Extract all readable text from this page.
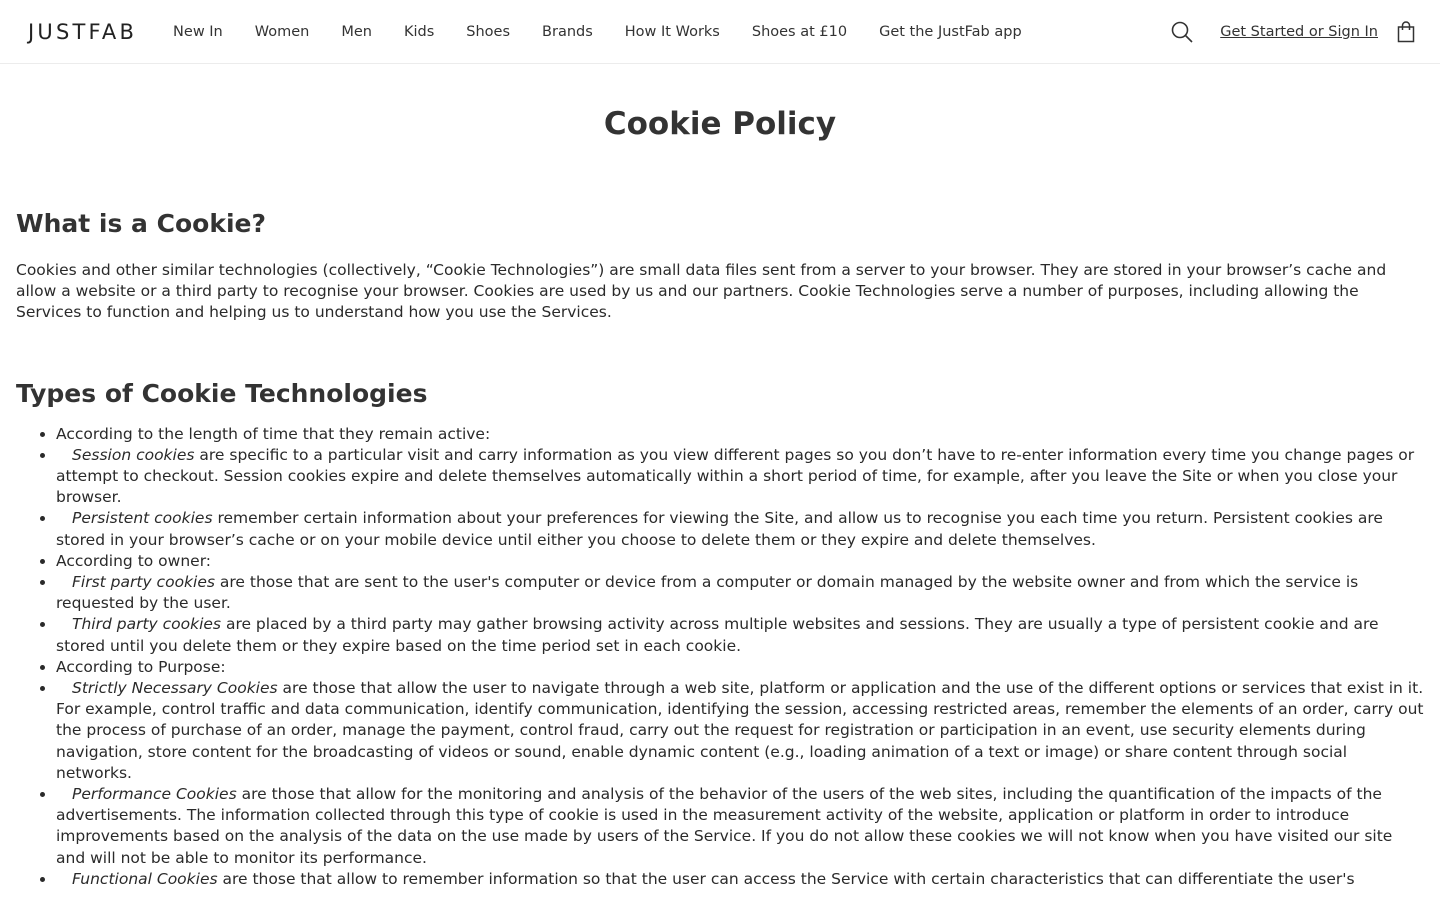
JUSTFAB New In Women Men Kids Shoes Brands How It Works Shoes at £10 Get the JustFab app	Get Started or Sign In
Cookie Policy
What is a Cookie?

Cookies and other similar technologies (collectively, “Cookie Technologies”) are small data files sent from a server to your browser. They are stored in your browser’s cache and allow a website or a third party to recognise your browser. Cookies are used by us and our partners. Cookie Technologies serve a number of purposes, including allowing the Services to function and helping us to understand how you use the Services.

Types of Cookie Technologies
• According to the length of time that they remain active:
• Session cookies are specific to a particular visit and carry information as you view different pages so you don’t have to re-enter information every time you change pages or attempt to checkout. Session cookies expire and delete themselves automatically within a short period of time, for example, after you leave the Site or when you close your browser.
• Persistent cookies remember certain information about your preferences for viewing the Site, and allow us to recognise you each time you return. Persistent cookies are stored in your browser’s cache or on your mobile device until either you choose to delete them or they expire and delete themselves.
• According to owner:
• First party cookies are those that are sent to the user's computer or device from a computer or domain managed by the website owner and from which the service is requested by the user.
• Third party cookies are placed by a third party may gather browsing activity across multiple websites and sessions. They are usually a type of persistent cookie and are stored until you delete them or they expire based on the time period set in each cookie.
• According to Purpose:
• Strictly Necessary Cookies are those that allow the user to navigate through a web site, platform or application and the use of the different options or services that exist in it. For example, control traffic and data communication, identify communication, identifying the session, accessing restricted areas, remember the elements of an order, carry out the process of purchase of an order, manage the payment, control fraud, carry out the request for registration or participation in an event, use security elements during navigation, store content for the broadcasting of videos or sound, enable dynamic content (e.g., loading animation of a text or image) or share content through social networks.
• Performance Cookies are those that allow for the monitoring and analysis of the behavior of the users of the web sites, including the quantification of the impacts of the advertisements. The information collected through this type of cookie is used in the measurement activity of the website, application or platform in order to introduce improvements based on the analysis of the data on the use made by users of the Service. If you do not allow these cookies we will not know when you have visited our site and will not be able to monitor its performance.
• Functional Cookies are those that allow to remember information so that the user can access the Service with certain characteristics that can differentiate the user's
